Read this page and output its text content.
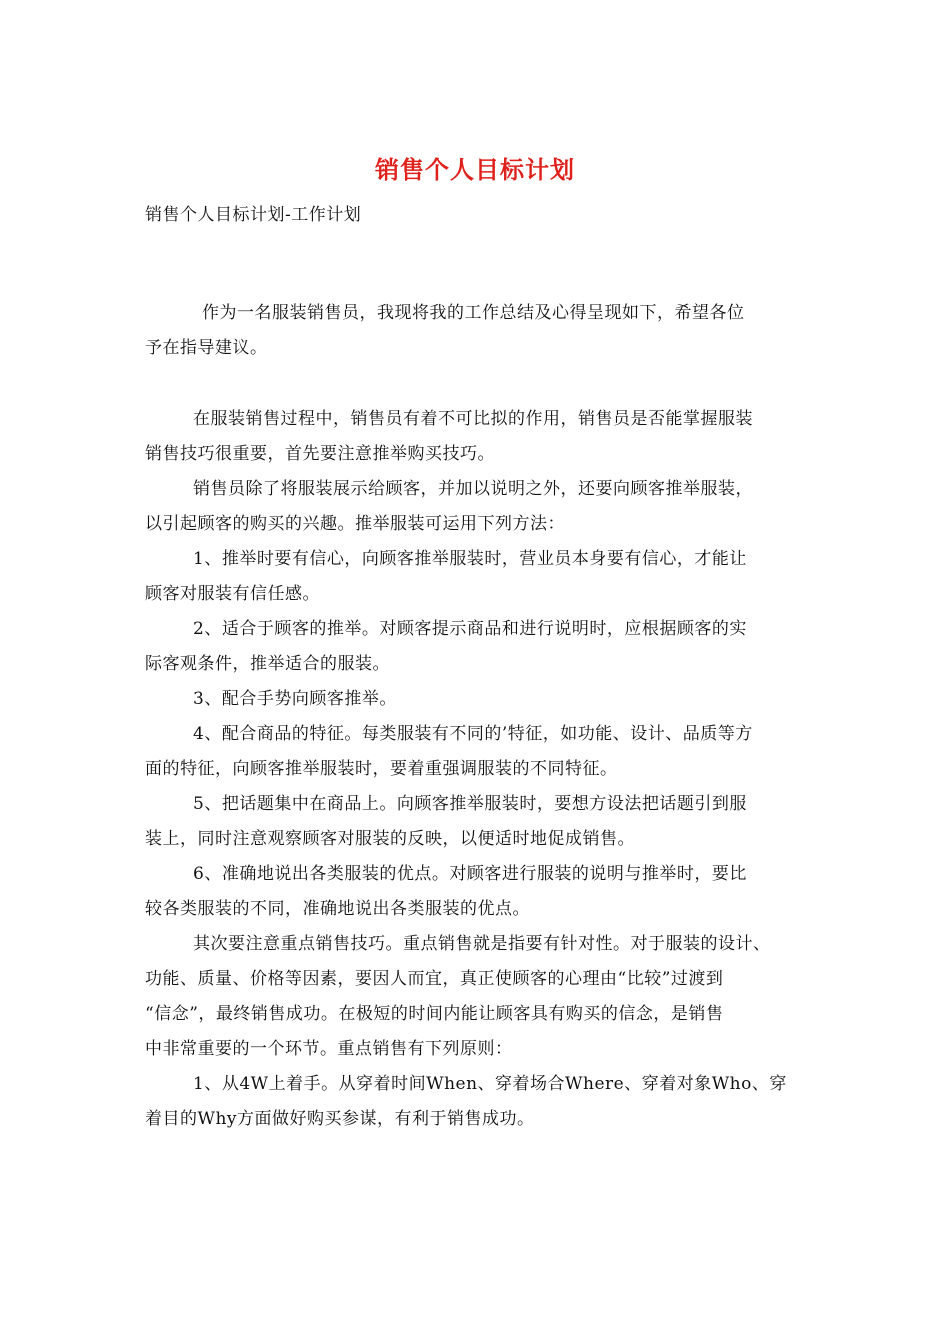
销售个人目标计划
销售个人目标计划-工作计划
作为一名服装销售员，我现将我的工作总结及心得呈现如下，希望各位
予在指导建议。
在服装销售过程中，销售员有着不可比拟的作用，销售员是否能掌握服装
销售技巧很重要，首先要注意推举购买技巧。
销售员除了将服装展示给顾客，并加以说明之外，还要向顾客推举服装，
以引起顾客的购买的兴趣。推举服装可运用下列方法：
1、推举时要有信心，向顾客推举服装时，营业员本身要有信心，才能让
顾客对服装有信任感。
2、适合于顾客的推举。对顾客提示商品和进行说明时，应根据顾客的实
际客观条件，推举适合的服装。
3、配合手势向顾客推举。
4、配合商品的特征。每类服装有不同的’特征，如功能、设计、品质等方
面的特征，向顾客推举服装时，要着重强调服装的不同特征。
5、把话题集中在商品上。向顾客推举服装时，要想方设法把话题引到服
装上，同时注意观察顾客对服装的反映，以便适时地促成销售。
6、准确地说出各类服装的优点。对顾客进行服装的说明与推举时，要比
较各类服装的不同，准确地说出各类服装的优点。
其次要注意重点销售技巧。重点销售就是指要有针对性。对于服装的设计、
功能、质量、价格等因素，要因人而宜，真正使顾客的心理由“比较”过渡到
“信念”，最终销售成功。在极短的时间内能让顾客具有购买的信念，是销售
中非常重要的一个环节。重点销售有下列原则：
1、从4W上着手。从穿着时间When、穿着场合Where、穿着对象Who、穿
着目的Why方面做好购买参谋，有利于销售成功。
